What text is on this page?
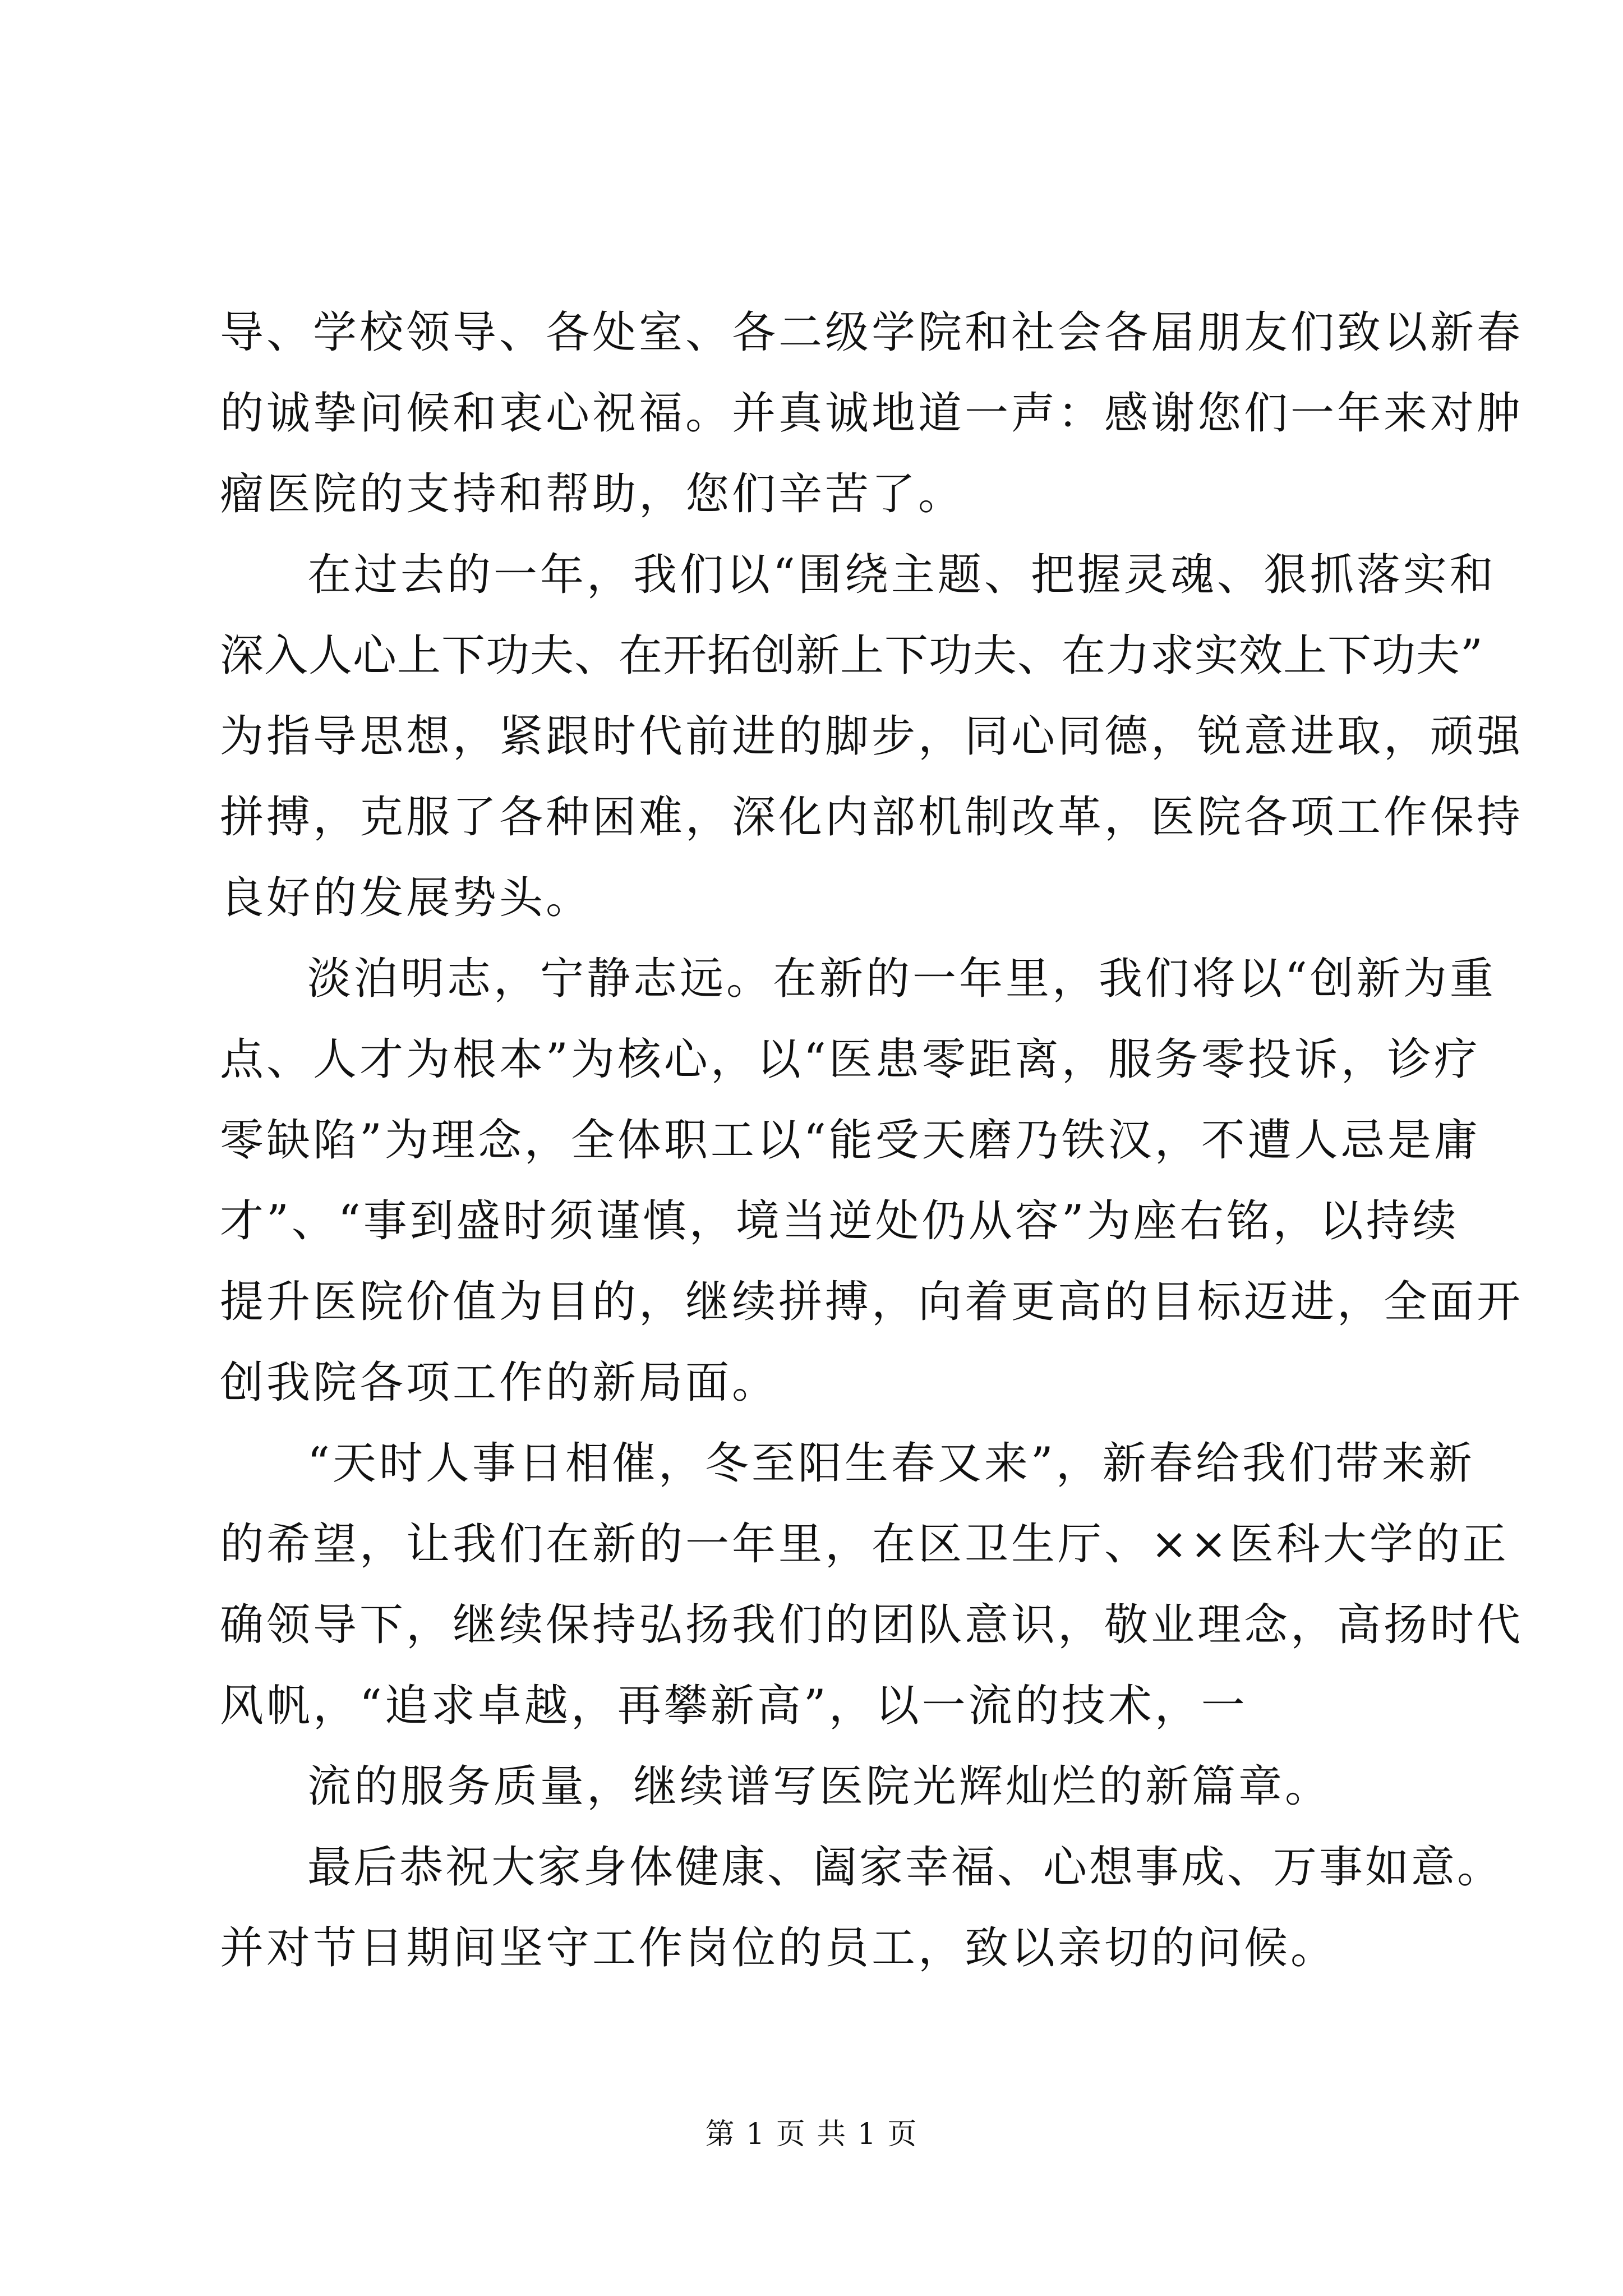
导、学校领导、各处室、各二级学院和社会各届朋友们致以新春
的诚挚问候和衷心祝福。并真诚地道一声：感谢您们一年来对肿
瘤医院的支持和帮助，您们辛苦了。
在过去的一年，我们以“围绕主题、把握灵魂、狠抓落实和
深入人心上下功夫、在开拓创新上下功夫、在力求实效上下功夫”
为指导思想，紧跟时代前进的脚步，同心同德，锐意进取，顽强
拼搏，克服了各种困难，深化内部机制改革，医院各项工作保持
良好的发展势头。
淡泊明志，宁静志远。在新的一年里，我们将以“创新为重
点、人才为根本”为核心，以“医患零距离，服务零投诉，诊疗
零缺陷”为理念，全体职工以“能受天磨乃铁汉，不遭人忌是庸
才”、“事到盛时须谨慎，境当逆处仍从容”为座右铭，以持续
提升医院价值为目的，继续拼搏，向着更高的目标迈进，全面开
创我院各项工作的新局面。
“天时人事日相催，冬至阳生春又来”，新春给我们带来新
的希望，让我们在新的一年里，在区卫生厅、××医科大学的正
确领导下，继续保持弘扬我们的团队意识，敬业理念，高扬时代
风帆，“追求卓越，再攀新高”，以一流的技术，一
流的服务质量，继续谱写医院光辉灿烂的新篇章。
最后恭祝大家身体健康、阖家幸福、心想事成、万事如意。
并对节日期间坚守工作岗位的员工，致以亲切的问候。
第 1 页 共 1 页
